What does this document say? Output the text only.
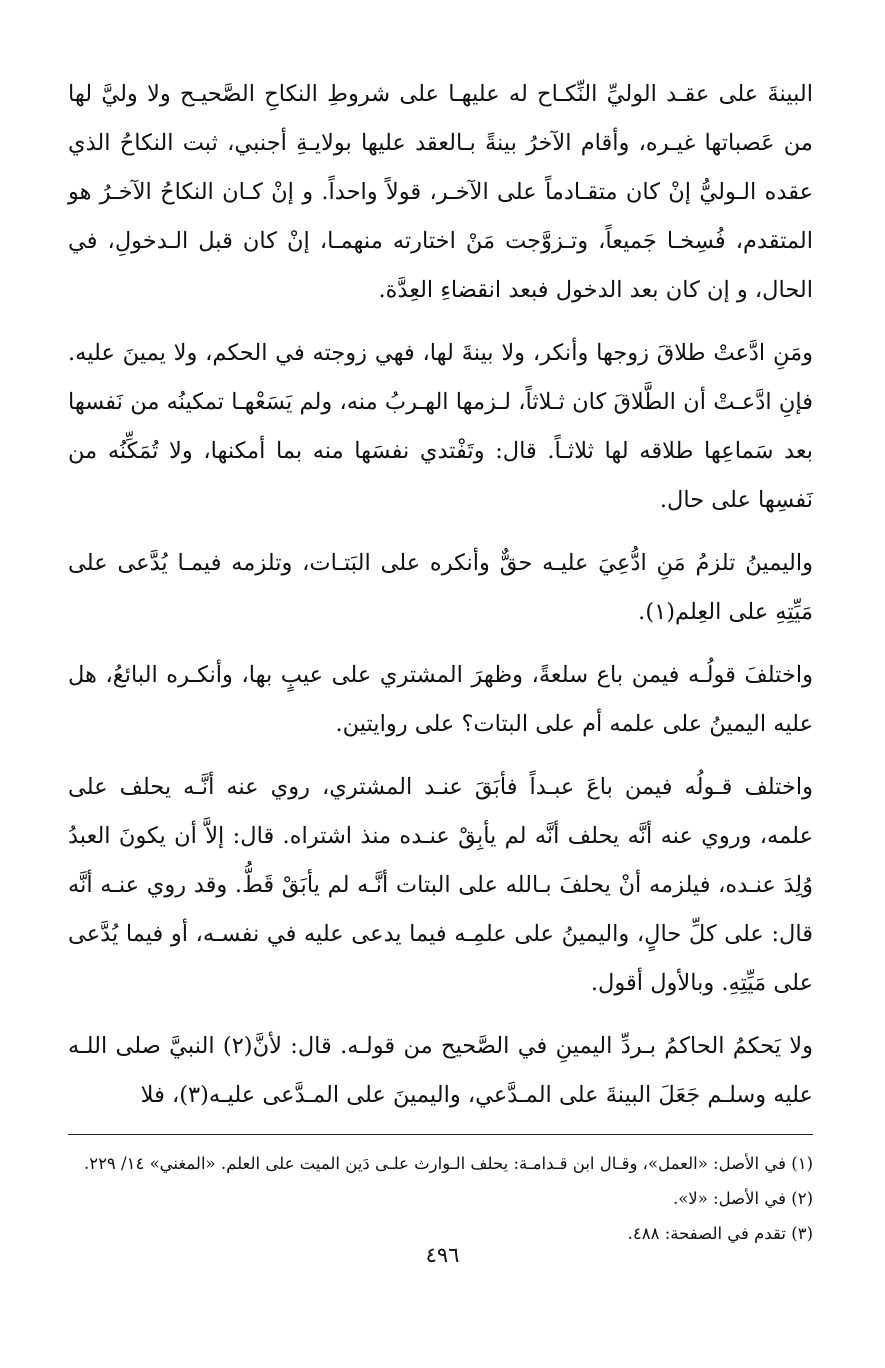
البينةَ على عقـد الوليِّ النِّكـاح له عليهـا على شروطِ النكاحِ الصَّحيـح ولا وليَّ لها من عَصباتها غيـره، وأقام الآخرُ بينةً بـالعقد عليها بولايـةِ أجنبي، ثبت النكاحُ الذي عقده الـوليُّ إنْ كان متقـادماً على الآخـر، قولاً واحداً. و إنْ كـان النكاحُ الآخـرُ هو المتقدم، فُسِخـا جَميعاً، وتـزوَّجت مَنْ اختارته منهمـا، إنْ كان قبل الـدخولِ، في الحال، و إن كان بعد الدخول فبعد انقضاءِ العِدَّة.

ومَنِ ادَّعتْ طلاقَ زوجها وأنكر، ولا بينةَ لها، فهي زوجته في الحكم، ولا يمينَ عليه. فإنِ ادَّعـتْ أن الطَّلاقَ كان ثـلاثاً، لـزمها الهـربُ منه، ولم يَسَعْهـا تمكينُه من نَفسها بعد سَماعِها طلاقه لها ثلاثـاً. قال: وتَفْتدي نفسَها منه بما أمكنها، ولا تُمَكِّنُه من نَفسِها على حال.

واليمينُ تلزمُ مَنِ ادُّعِيَ عليـه حقٌّ وأنكره على البَتـات، وتلزمه فيمـا يُدَّعى على مَيِّتِهِ على العِلم(١).

واختلفَ قولُـه فيمن باع سلعةً، وظهرَ المشتري على عيبٍ بها، وأنكـره البائعُ، هل عليه اليمينُ على علمه أم على البتات؟ على روايتين.

واختلف قـولُه فيمن باعَ عبـداً فأبَقَ عنـد المشتري، روي عنه أنَّـه يحلف على علمه، وروي عنه أنَّه يحلف أنَّه لم يأبِقْ عنـده منذ اشتراه. قال: إلاَّ أن يكونَ العبدُ وُلِدَ عنـده، فيلزمه أنْ يحلفَ بـالله على البتات أنَّـه لم يأبَقْ قَطُّ. وقد روي عنـه أنَّه قال: على كلِّ حالٍ، واليمينُ على علمِـه فيما يدعى عليه في نفسـه، أو فيما يُدَّعى على مَيِّتِهِ. وبالأول أقول.

ولا يَحكمُ الحاكمُ بـردِّ اليمينِ في الصَّحيح من قولـه. قال: لأنَّ(٢) النبيَّ صلى اللـه عليه وسلـم جَعَلَ البينةَ على المـدَّعي، واليمينَ على المـدَّعى عليـه(٣)، فلا

(١) في الأصل: «العمل»، وقـال ابن قـدامـة: يحلف الـوارث علـى دَين الميت على العلم. «المغني» ١٤/ ٢٢٩.

(٢) في الأصل: «لا».

(٣) تقدم في الصفحة: ٤٨٨.

٤٩٦
